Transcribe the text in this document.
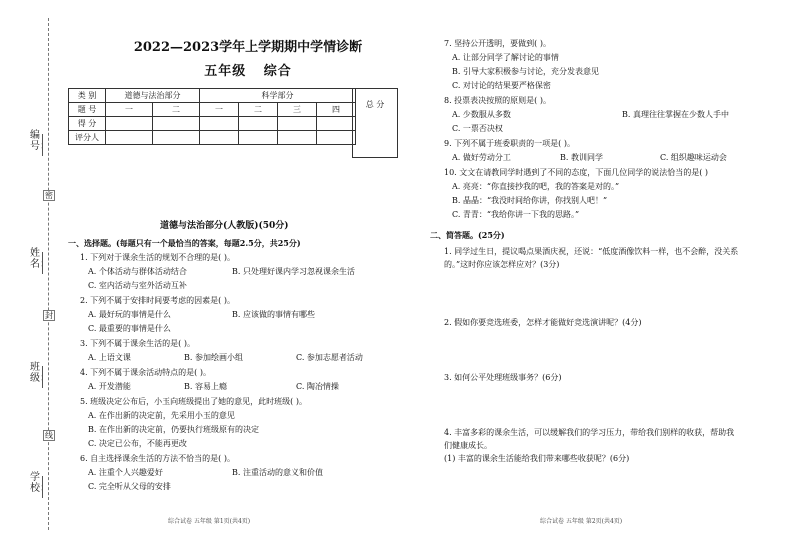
编号：
姓名：
班级：
学校：
密
封
线
2022—2023学年上学期期中学情诊断
五年级 综合
类 别	道德与法治部分		科学部分			
题 号	一	二	一	二	三	四
得 分						
评分人						
总 分
道德与法治部分(人教版)(50分)
一、选择题。(每题只有一个最恰当的答案，每题2.5分，共25分)
1. 下列对于课余生活的规划不合理的是( )。
A. 个体活动与群体活动结合	B. 只处理好课内学习忽视课余生活
C. 室内活动与室外活动互补
2. 下列不属于安排时间要考虑的因素是( )。
A. 最好玩的事情是什么	B. 应该做的事情有哪些
C. 最重要的事情是什么
3. 下列不属于课余生活的是( )。
A. 上语文课	B. 参加绘画小组	C. 参加志愿者活动
4. 下列不属于课余活动特点的是( )。
A. 开发潜能	B. 容易上瘾	C. 陶冶情操
5. 班级决定公布后，小玉向班级提出了她的意见，此时班级( )。
A. 在作出新的决定前，先采用小玉的意见
B. 在作出新的决定前，仍要执行班级原有的决定
C. 决定已公布，不能再更改
6. 自主选择课余生活的方法不恰当的是( )。
A. 注重个人兴趣爱好	B. 注重活动的意义和价值
C. 完全听从父母的安排
7. 坚持公开透明，要做到( )。
A. 让部分同学了解讨论的事情
B. 引导大家积极参与讨论，充分发表意见
C. 对讨论的结果要严格保密
8. 投票表决按照的原则是( )。
A. 少数服从多数	B. 真理往往掌握在少数人手中
C. 一票否决权
9. 下列不属于班委职责的一项是( )。
A. 做好劳动分工	B. 教训同学	C. 组织趣味运动会
10. 文文在请教同学时遇到了不同的态度，下面几位同学的说法恰当的是( )
A. 亮亮：“你直接抄我的吧，我的答案是对的。”
B. 晶晶：“我没时间给你讲，你找别人吧！”
C. 青青：“我给你讲一下我的思路。”
二、简答题。(25分)
1. 同学过生日，提议喝点果酒庆祝，还说：“低度酒像饮料一样，也不会醉，没关系
的。”这时你应该怎样应对？(3分)
2. 假如你要竞选班委，怎样才能做好竞选演讲呢？(4分)
3. 如何公平处理班级事务？(6分)
4. 丰富多彩的课余生活，可以缓解我们的学习压力，带给我们别样的收获，帮助我
们健康成长。
(1) 丰富的课余生活能给我们带来哪些收获呢？(6分)
综合试卷 五年级 第1页(共4页)	综合试卷 五年级 第2页(共4页)
